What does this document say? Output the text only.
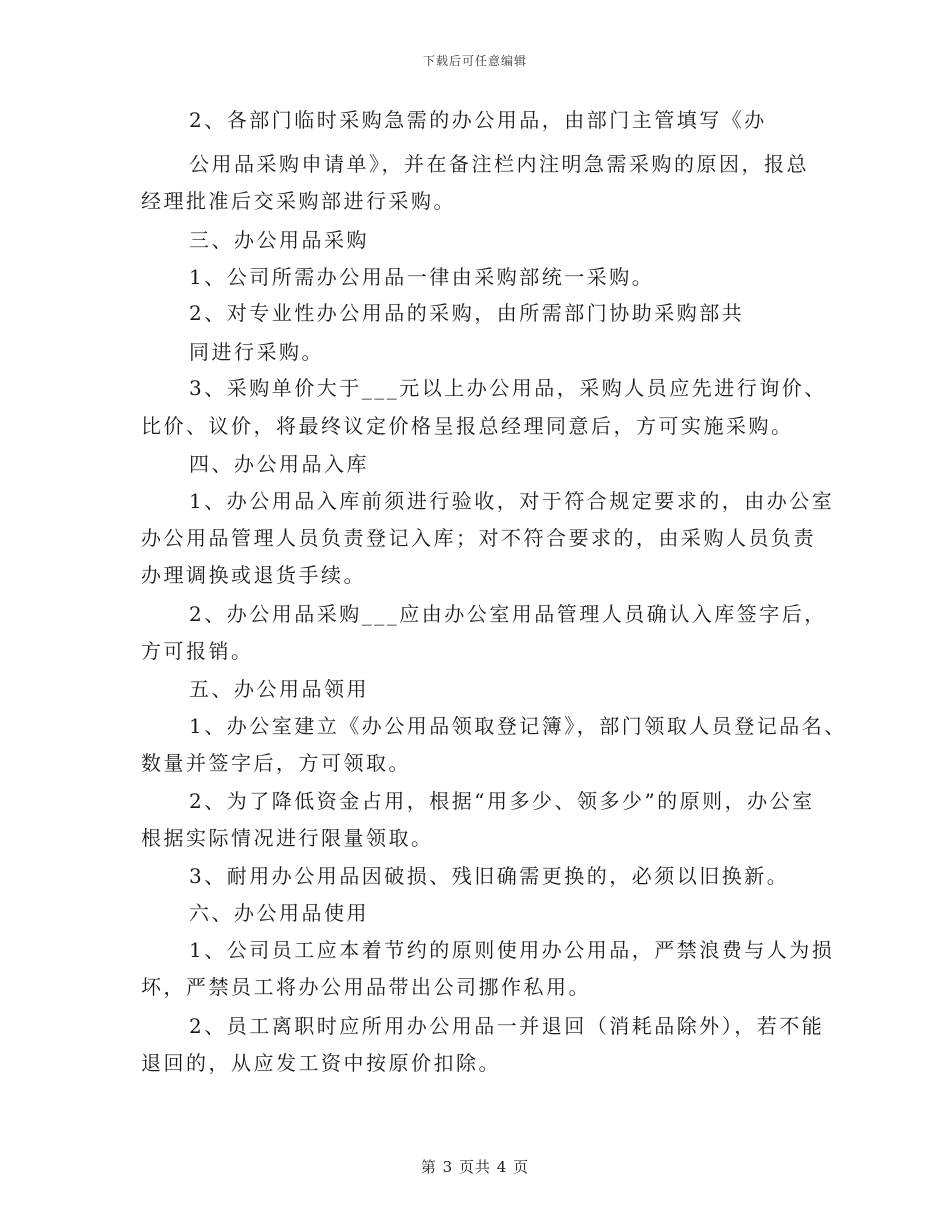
下载后可任意编辑
2、各部门临时采购急需的办公用品，由部门主管填写《办
公用品采购申请单》，并在备注栏内注明急需采购的原因，报总
经理批准后交采购部进行采购。
三、办公用品采购
1、公司所需办公用品一律由采购部统一采购。
2、对专业性办公用品的采购，由所需部门协助采购部共
同进行采购。
3、采购单价大于___元以上办公用品，采购人员应先进行询价、
比价、议价，将最终议定价格呈报总经理同意后，方可实施采购。
四、办公用品入库
1、办公用品入库前须进行验收，对于符合规定要求的，由办公室
办公用品管理人员负责登记入库；对不符合要求的，由采购人员负责
办理调换或退货手续。
2、办公用品采购___应由办公室用品管理人员确认入库签字后，
方可报销。
五、办公用品领用
1、办公室建立《办公用品领取登记簿》，部门领取人员登记品名、
数量并签字后，方可领取。
2、为了降低资金占用，根据“用多少、领多少”的原则，办公室
根据实际情况进行限量领取。
3、耐用办公用品因破损、残旧确需更换的，必须以旧换新。
六、办公用品使用
1、公司员工应本着节约的原则使用办公用品，严禁浪费与人为损
坏，严禁员工将办公用品带出公司挪作私用。
2、员工离职时应所用办公用品一并退回（消耗品除外），若不能
退回的，从应发工资中按原价扣除。
第 3 页共 4 页
